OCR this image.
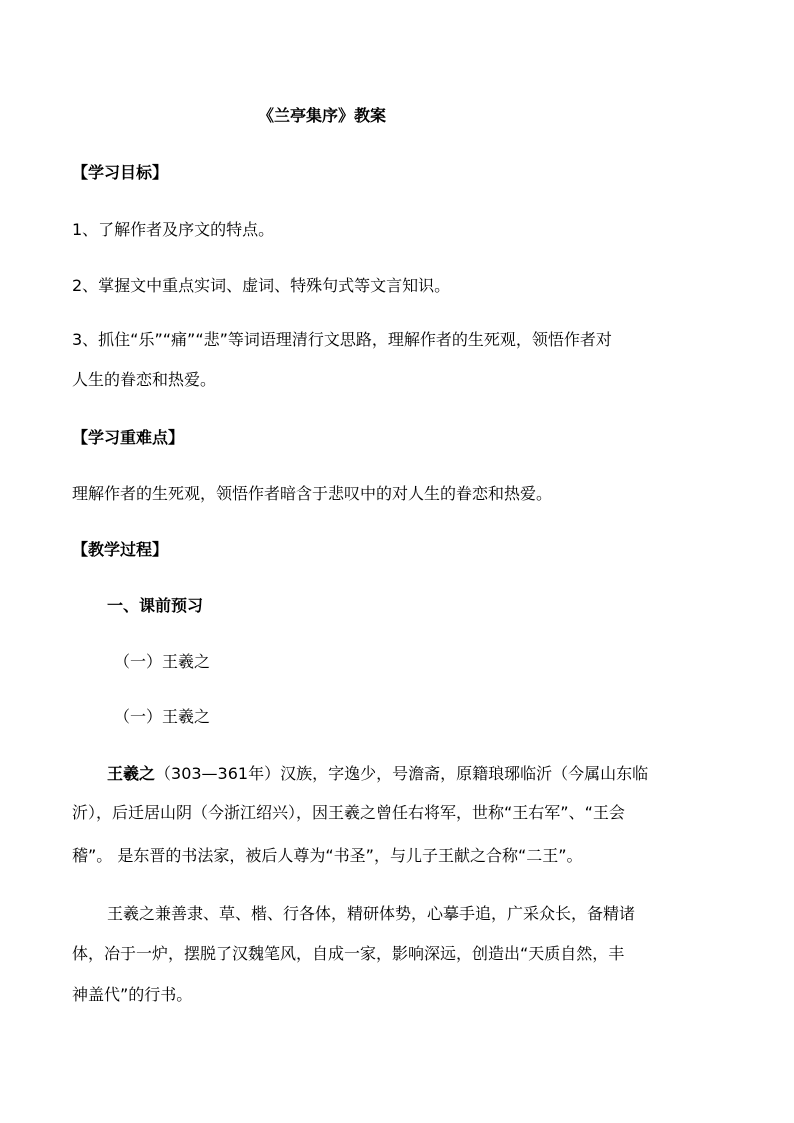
《兰亭集序》教案
【学习目标】
1、了解作者及序文的特点。
2、掌握文中重点实词、虚词、特殊句式等文言知识。
3、抓住“乐”“痛”“悲”等词语理清行文思路，理解作者的生死观，领悟作者对
人生的眷恋和热爱。
【学习重难点】
理解作者的生死观，领悟作者暗含于悲叹中的对人生的眷恋和热爱。
【教学过程】
一、课前预习
（一）王羲之
（一）王羲之
王羲之（303—361年）汉族，字逸少，号澹斋，原籍琅琊临沂（今属山东临
沂），后迁居山阴（今浙江绍兴），因王羲之曾任右将军，世称“王右军”、“王会
稽”。 是东晋的书法家，被后人尊为“书圣”，与儿子王献之合称“二王”。
王羲之兼善隶、草、楷、行各体，精研体势，心摹手追，广采众长，备精诸
体，冶于一炉，摆脱了汉魏笔风，自成一家，影响深远，创造出“天质自然，丰
神盖代”的行书。
